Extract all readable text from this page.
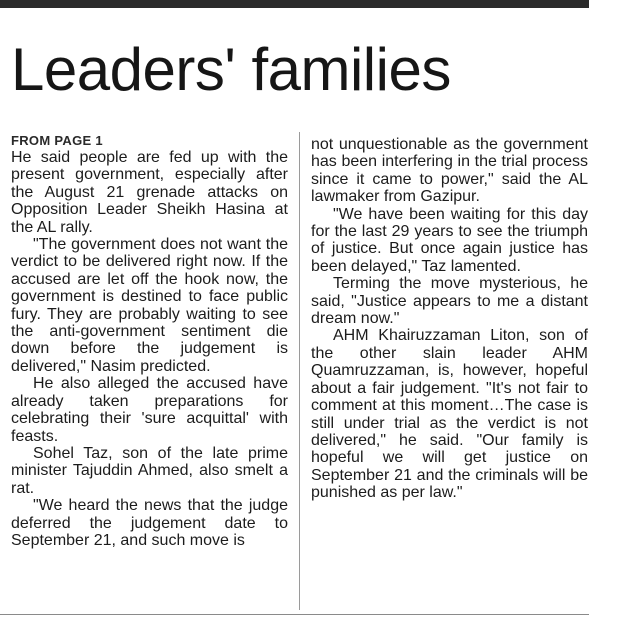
Leaders' families
FROM PAGE 1

He said people are fed up with the present government, especially after the August 21 grenade attacks on Opposition Leader Sheikh Hasina at the AL rally.

"The government does not want the verdict to be delivered right now. If the accused are let off the hook now, the government is destined to face public fury. They are probably waiting to see the anti-government sentiment die down before the judgement is delivered," Nasim predicted.

He also alleged the accused have already taken preparations for celebrating their 'sure acquittal' with feasts.

Sohel Taz, son of the late prime minister Tajuddin Ahmed, also smelt a rat.

"We heard the news that the judge deferred the judgement date to September 21, and such move is

not unquestionable as the government has been interfering in the trial process since it came to power," said the AL lawmaker from Gazipur.

"We have been waiting for this day for the last 29 years to see the triumph of justice. But once again justice has been delayed," Taz lamented.

Terming the move mysterious, he said, "Justice appears to me a distant dream now."

AHM Khairuzzaman Liton, son of the other slain leader AHM Quamruzzaman, is, however, hopeful about a fair judgement. "It's not fair to comment at this moment…The case is still under trial as the verdict is not delivered," he said. "Our family is hopeful we will get justice on September 21 and the criminals will be punished as per law."
